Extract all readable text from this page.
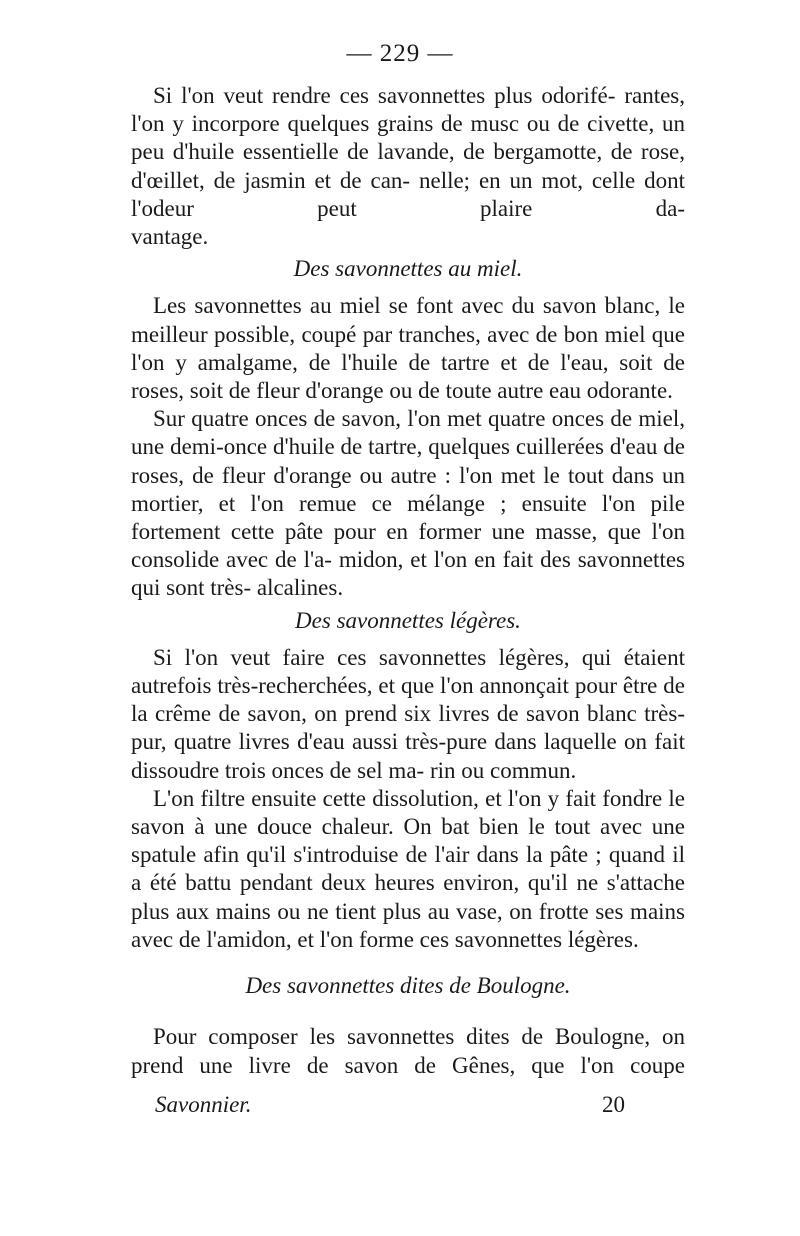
— 229 —
Si l'on veut rendre ces savonnettes plus odorifé- rantes, l'on y incorpore quelques grains de musc ou de civette, un peu d'huile essentielle de lavande, de bergamotte, de rose, d'œillet, de jasmin et de can- nelle; en un mot, celle dont l'odeur peut plaire da-
vantage.
Des savonnettes au miel.
Les savonnettes au miel se font avec du savon blanc, le meilleur possible, coupé par tranches, avec de bon miel que l'on y amalgame, de l'huile de tartre et de l'eau, soit de roses, soit de fleur d'orange ou de toute autre eau odorante.
Sur quatre onces de savon, l'on met quatre onces de miel, une demi-once d'huile de tartre, quelques cuillerées d'eau de roses, de fleur d'orange ou autre : l'on met le tout dans un mortier, et l'on remue ce mélange ; ensuite l'on pile fortement cette pâte pour en former une masse, que l'on consolide avec de l'a- midon, et l'on en fait des savonnettes qui sont très- alcalines.
Des savonnettes légères.
Si l'on veut faire ces savonnettes légères, qui étaient autrefois très-recherchées, et que l'on annonçait pour être de la crême de savon, on prend six livres de savon blanc très-pur, quatre livres d'eau aussi très-pure dans laquelle on fait dissoudre trois onces de sel ma- rin ou commun.
L'on filtre ensuite cette dissolution, et l'on y fait fondre le savon à une douce chaleur. On bat bien le tout avec une spatule afin qu'il s'introduise de l'air dans la pâte ; quand il a été battu pendant deux heures environ, qu'il ne s'attache plus aux mains ou ne tient plus au vase, on frotte ses mains avec de l'amidon, et l'on forme ces savonnettes légères.
Des savonnettes dites de Boulogne.
Pour composer les savonnettes dites de Boulogne, on prend une livre de savon de Gênes, que l'on coupe
Savonnier.	20
